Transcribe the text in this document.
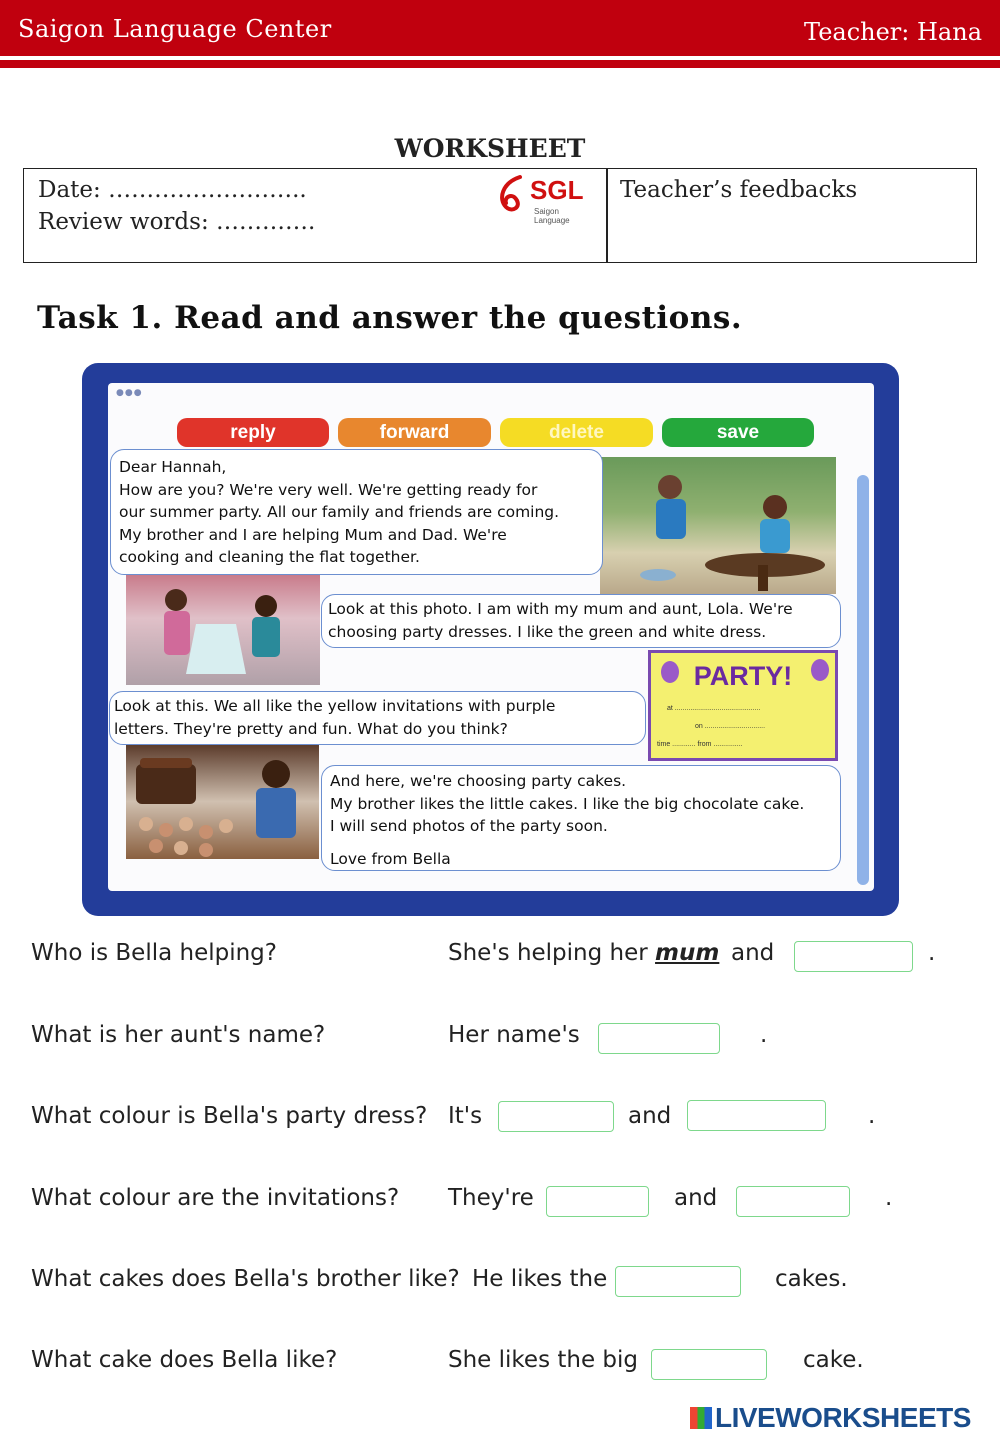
Saigon Language Center	Teacher: Hana
WORKSHEET
Date: ……………………..
Review words: ………….
SGL
Saigon Language
Teacher’s feedbacks
Task 1. Read and answer the questions.
●●●
reply	forward	delete	save
PARTY!
at ............................................
on ...............................
time ............ from ...............
Dear Hannah,
How are you? We're very well. We're getting ready for
our summer party. All our family and friends are coming.
My brother and I are helping Mum and Dad. We're
cooking and cleaning the flat together.
Look at this photo. I am with my mum and aunt, Lola. We're
choosing party dresses. I like the green and white dress.
Look at this. We all like the yellow invitations with purple
letters. They're pretty and fun. What do you think?
And here, we're choosing party cakes.
My brother likes the little cakes. I like the big chocolate cake.
I will send photos of the party soon.
Love from Bella
Who is Bella helping?	She's helping her mum and	.
What is her aunt's name?	Her name's	.
What colour is Bella's party dress? It's	and	.
What colour are the invitations? They're	and	.
What cakes does Bella's brother like? He likes the	cakes.
What cake does Bella like?	She likes the big	cake.
LIVEWORKSHEETS
